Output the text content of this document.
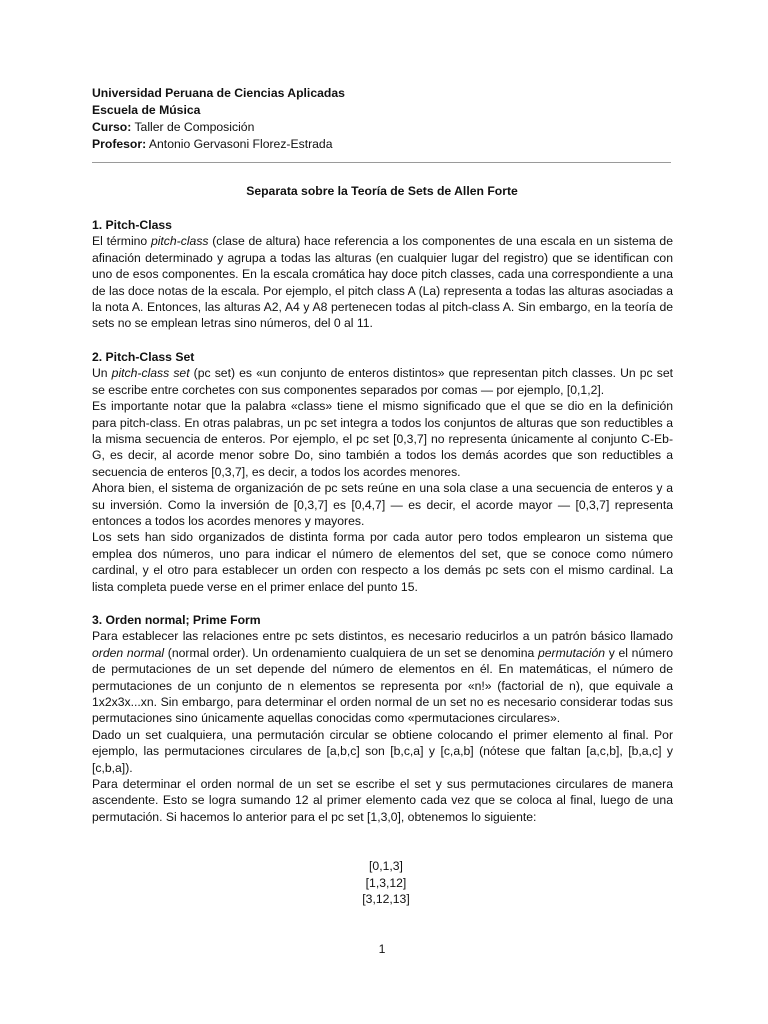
Universidad Peruana de Ciencias Aplicadas
Escuela de Música
Curso: Taller de Composición
Profesor: Antonio Gervasoni Florez-Estrada
Separata sobre la Teoría de Sets de Allen Forte
1. Pitch-Class

El término pitch-class (clase de altura) hace referencia a los componentes de una escala en un sistema de afinación determinado y agrupa a todas las alturas (en cualquier lugar del registro) que se identifican con uno de esos componentes. En la escala cromática hay doce pitch classes, cada una correspondiente a una de las doce notas de la escala. Por ejemplo, el pitch class A (La) representa a todas las alturas asociadas a la nota A. Entonces, las alturas A2, A4 y A8 pertenecen todas al pitch-class A. Sin embargo, en la teoría de sets no se emplean letras sino números, del 0 al 11.

2. Pitch-Class Set

Un pitch-class set (pc set) es «un conjunto de enteros distintos» que representan pitch classes. Un pc set se escribe entre corchetes con sus componentes separados por comas — por ejemplo, [0,1,2].

Es importante notar que la palabra «class» tiene el mismo significado que el que se dio en la definición para pitch-class. En otras palabras, un pc set integra a todos los conjuntos de alturas que son reductibles a la misma secuencia de enteros. Por ejemplo, el pc set [0,3,7] no representa únicamente al conjunto C-Eb-G, es decir, al acorde menor sobre Do, sino también a todos los demás acordes que son reductibles a secuencia de enteros [0,3,7], es decir, a todos los acordes menores.

Ahora bien, el sistema de organización de pc sets reúne en una sola clase a una secuencia de enteros y a su inversión. Como la inversión de [0,3,7] es [0,4,7] — es decir, el acorde mayor — [0,3,7] representa entonces a todos los acordes menores y mayores.

Los sets han sido organizados de distinta forma por cada autor pero todos emplearon un sistema que emplea dos números, uno para indicar el número de elementos del set, que se conoce como número cardinal, y el otro para establecer un orden con respecto a los demás pc sets con el mismo cardinal. La lista completa puede verse en el primer enlace del punto 15.

3. Orden normal; Prime Form

Para establecer las relaciones entre pc sets distintos, es necesario reducirlos a un patrón básico llamado orden normal (normal order). Un ordenamiento cualquiera de un set se denomina permutación y el número de permutaciones de un set depende del número de elementos en él. En matemáticas, el número de permutaciones de un conjunto de n elementos se representa por «n!» (factorial de n), que equivale a 1x2x3x...xn. Sin embargo, para determinar el orden normal de un set no es necesario considerar todas sus permutaciones sino únicamente aquellas conocidas como «permutaciones circulares».

Dado un set cualquiera, una permutación circular se obtiene colocando el primer elemento al final. Por ejemplo, las permutaciones circulares de [a,b,c] son [b,c,a] y [c,a,b] (nótese que faltan [a,c,b], [b,a,c] y [c,b,a]).

Para determinar el orden normal de un set se escribe el set y sus permutaciones circulares de manera ascendente. Esto se logra sumando 12 al primer elemento cada vez que se coloca al final, luego de una permutación. Si hacemos lo anterior para el pc set [1,3,0], obtenemos lo siguiente:

[0,1,3]
[1,3,12]
[3,12,13]
1
